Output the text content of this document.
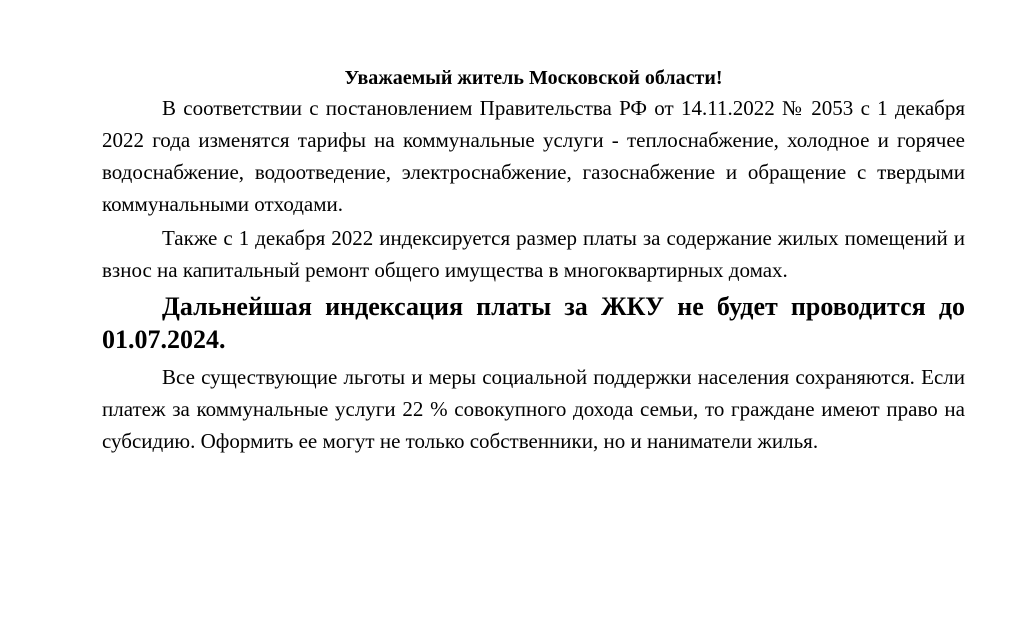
Уважаемый житель Московской области!

В соответствии с постановлением Правительства РФ от 14.11.2022 № 2053 с 1 декабря 2022 года изменятся тарифы на коммунальные услуги - теплоснабжение, холодное и горячее водоснабжение, водоотведение, электроснабжение, газоснабжение и обращение с твердыми коммунальными отходами.

Также с 1 декабря 2022 индексируется размер платы за содержание жилых помещений и взнос на капитальный ремонт общего имущества в многоквартирных домах.

Дальнейшая индексация платы за ЖКУ не будет проводится до 01.07.2024.

Все существующие льготы и меры социальной поддержки населения сохраняются. Если платеж за коммунальные услуги 22 % совокупного дохода семьи, то граждане имеют право на субсидию. Оформить ее могут не только собственники, но и наниматели жилья.
